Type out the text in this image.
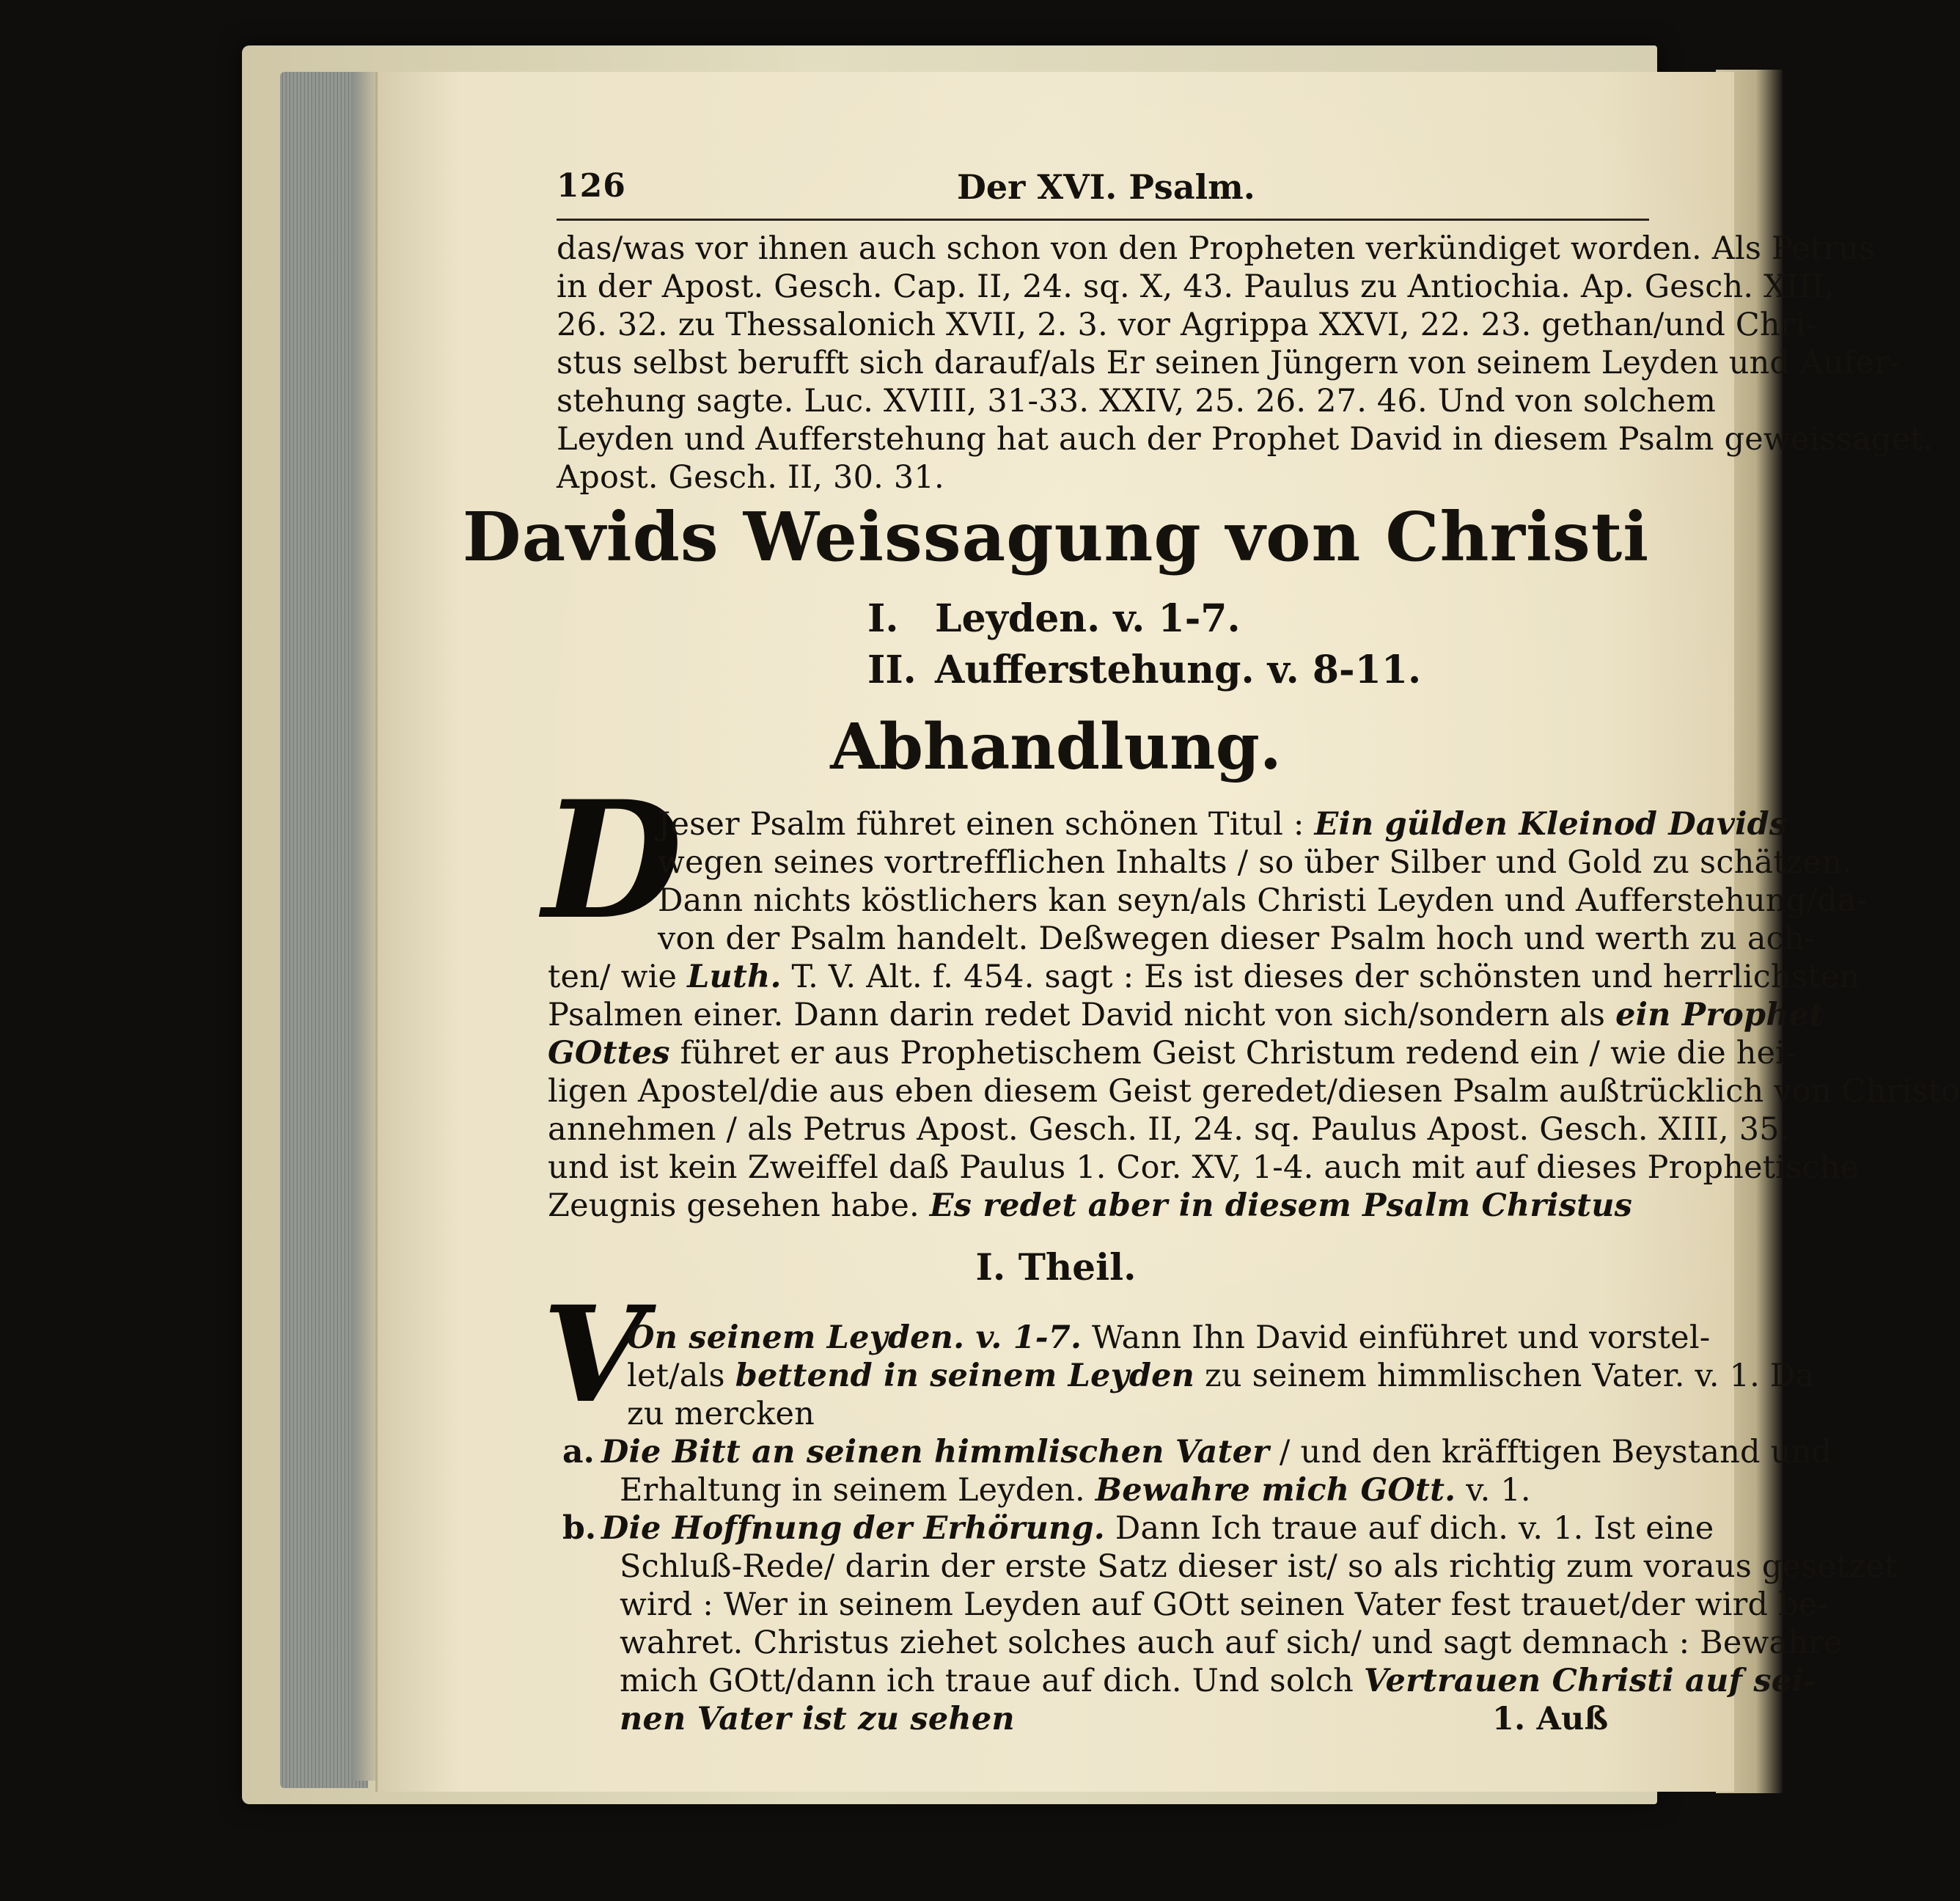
126	Der XVI. Psalm.
das/was vor ihnen auch schon von den Propheten verkündiget worden. Als Petrus
in der Apost. Gesch. Cap. II, 24. sq. X, 43. Paulus zu Antiochia. Ap. Gesch. XIII,
26. 32. zu Thessalonich XVII, 2. 3. vor Agrippa XXVI, 22. 23. gethan/und Chri-
stus selbst berufft sich darauf/als Er seinen Jüngern von seinem Leyden und Aufer-
stehung sagte. Luc. XVIII, 31-33. XXIV, 25. 26. 27. 46. Und von solchem
Leyden und Aufferstehung hat auch der Prophet David in diesem Psalm geweissaget.
Apost. Gesch. II, 30. 31.
Davids Weissagung von Christi
I. Leyden. v. 1-7.
II. Aufferstehung. v. 8-11.
Abhandlung.
D
Jeser Psalm führet einen schönen Titul : Ein gülden Kleinod Davids
wegen seines vortrefflichen Inhalts / so über Silber und Gold zu schätzen.
Dann nichts köstlichers kan seyn/als Christi Leyden und Aufferstehung/da-
von der Psalm handelt. Deßwegen dieser Psalm hoch und werth zu ach-
ten/ wie Luth. T. V. Alt. f. 454. sagt : Es ist dieses der schönsten und herrlichsten
Psalmen einer. Dann darin redet David nicht von sich/sondern als ein Prophet
GOttes führet er aus Prophetischem Geist Christum redend ein / wie die hei-
ligen Apostel/die aus eben diesem Geist geredet/diesen Psalm außtrücklich von Christo
annehmen / als Petrus Apost. Gesch. II, 24. sq. Paulus Apost. Gesch. XIII, 35.
und ist kein Zweiffel daß Paulus 1. Cor. XV, 1-4. auch mit auf dieses Prophetische
Zeugnis gesehen habe. Es redet aber in diesem Psalm Christus
I. Theil.
V
On seinem Leyden. v. 1-7. Wann Ihn David einführet und vorstel-
let/als bettend in seinem Leyden zu seinem himmlischen Vater. v. 1. Da
zu mercken
a. Die Bitt an seinen himmlischen Vater / und den kräfftigen Beystand und
Erhaltung in seinem Leyden. Bewahre mich GOtt. v. 1.
b. Die Hoffnung der Erhörung. Dann Ich traue auf dich. v. 1. Ist eine
Schluß-Rede/ darin der erste Satz dieser ist/ so als richtig zum voraus gesetzet
wird : Wer in seinem Leyden auf GOtt seinen Vater fest trauet/der wird be-
wahret. Christus ziehet solches auch auf sich/ und sagt demnach : Bewahre
mich GOtt/dann ich traue auf dich. Und solch Vertrauen Christi auf sei-
nen Vater ist zu sehen	1. Auß
